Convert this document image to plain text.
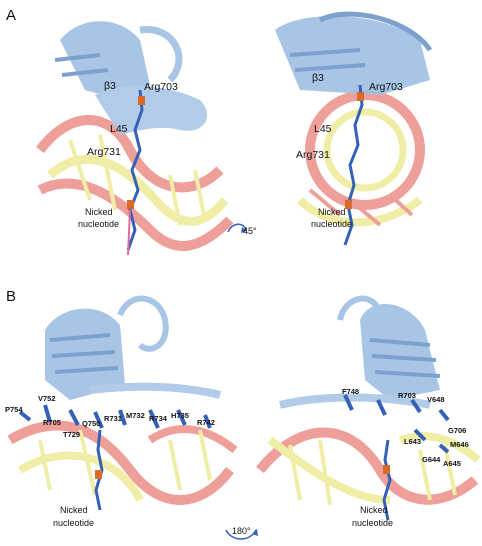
A
β3	Arg703
L45
Arg731
Nicked
nucleotide
45°
β3
Arg703
L45
Arg731
Nicked
nucleotide
B
P754
V752
R705
T729
Q750
R731 M732 R734 H735
R742
Nicked
nucleotide
180°
F748	R703 V648
G706
L643	M646
G644 A645
Nicked
nucleotide
